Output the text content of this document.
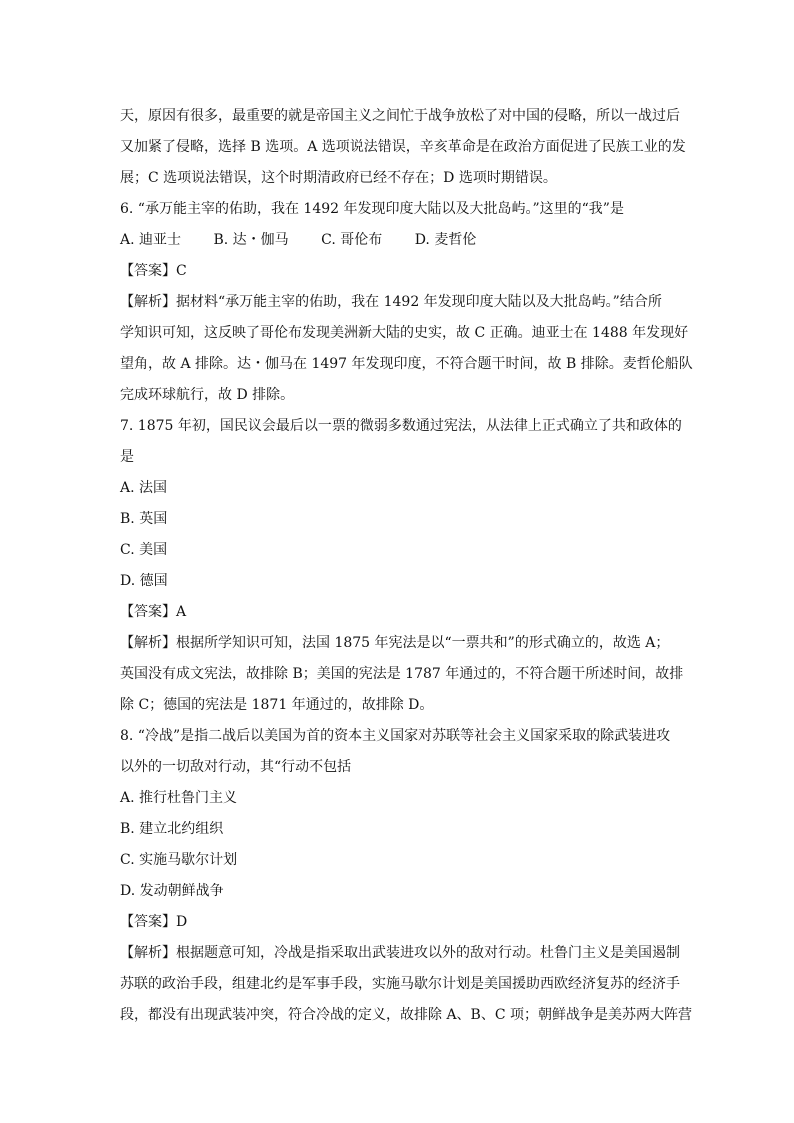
天，原因有很多，最重要的就是帝国主义之间忙于战争放松了对中国的侵略，所以一战过后
又加紧了侵略，选择 B 选项。A 选项说法错误，辛亥革命是在政治方面促进了民族工业的发
展；C 选项说法错误，这个时期清政府已经不存在；D 选项时期错误。
6. “承万能主宰的佑助，我在 1492 年发现印度大陆以及大批岛屿。”这里的“我”是
A. 迪亚士 B. 达・伽马 C. 哥伦布 D. 麦哲伦
【答案】C
【解析】据材料“承万能主宰的佑助，我在 1492 年发现印度大陆以及大批岛屿。”结合所
学知识可知，这反映了哥伦布发现美洲新大陆的史实，故 C 正确。迪亚士在 1488 年发现好
望角，故 A 排除。达・伽马在 1497 年发现印度，不符合题干时间，故 B 排除。麦哲伦船队
完成环球航行，故 D 排除。
7. 1875 年初，国民议会最后以一票的微弱多数通过宪法，从法律上正式确立了共和政体的
是
A. 法国
B. 英国
C. 美国
D. 德国
【答案】A
【解析】根据所学知识可知，法国 1875 年宪法是以“一票共和”的形式确立的，故选 A；
英国没有成文宪法，故排除 B；美国的宪法是 1787 年通过的，不符合题干所述时间，故排
除 C；德国的宪法是 1871 年通过的，故排除 D。
8. “冷战”是指二战后以美国为首的资本主义国家对苏联等社会主义国家采取的除武装进攻
以外的一切敌对行动，其“行动不包括
A. 推行杜鲁门主义
B. 建立北约组织
C. 实施马歇尔计划
D. 发动朝鲜战争
【答案】D
【解析】根据题意可知，冷战是指采取出武装进攻以外的敌对行动。杜鲁门主义是美国遏制
苏联的政治手段，组建北约是军事手段，实施马歇尔计划是美国援助西欧经济复苏的经济手
段，都没有出现武装冲突，符合冷战的定义，故排除 A、B、C 项；朝鲜战争是美苏两大阵营
